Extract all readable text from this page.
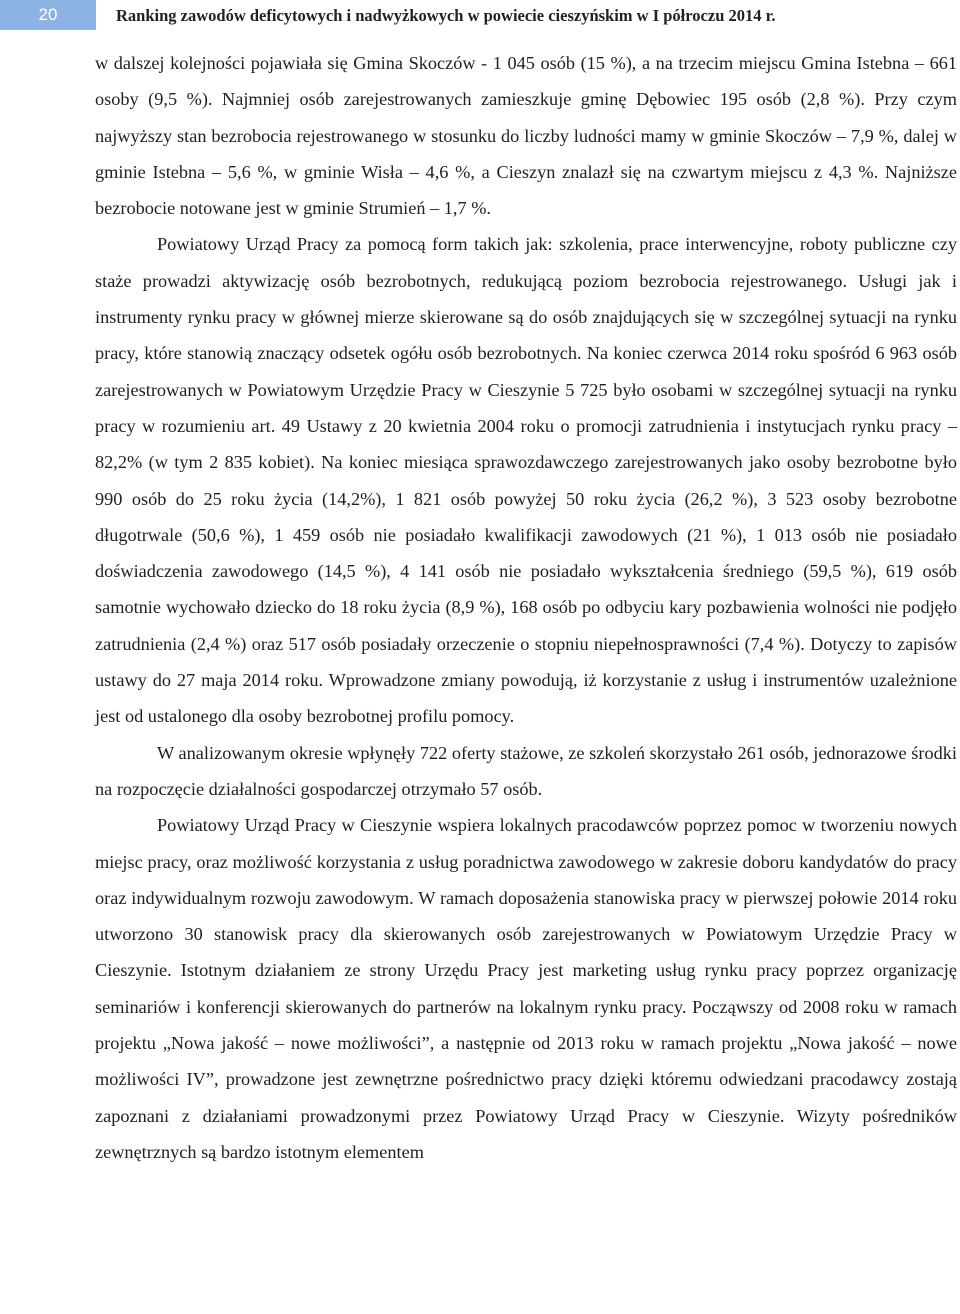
20	Ranking zawodów deficytowych i nadwyżkowych w powiecie cieszyńskim w I półroczu 2014 r.

w dalszej kolejności pojawiała się Gmina Skoczów - 1 045 osób (15 %), a na trzecim miejscu Gmina Istebna – 661 osoby (9,5 %). Najmniej osób zarejestrowanych zamieszkuje gminę Dębowiec 195 osób (2,8 %). Przy czym najwyższy stan bezrobocia rejestrowanego w stosunku do liczby ludności mamy w gminie Skoczów – 7,9 %, dalej w gminie Istebna – 5,6 %, w gminie Wisła – 4,6 %, a Cieszyn znalazł się na czwartym miejscu z 4,3 %. Najniższe bezrobocie notowane jest w gminie Strumień – 1,7 %.

Powiatowy Urząd Pracy za pomocą form takich jak: szkolenia, prace interwencyjne, roboty publiczne czy staże prowadzi aktywizację osób bezrobotnych, redukującą poziom bezrobocia rejestrowanego. Usługi jak i instrumenty rynku pracy w głównej mierze skierowane są do osób znajdujących się w szczególnej sytuacji na rynku pracy, które stanowią znaczący odsetek ogółu osób bezrobotnych. Na koniec czerwca 2014 roku spośród 6 963 osób zarejestrowanych w Powiatowym Urzędzie Pracy w Cieszynie 5 725 było osobami w szczególnej sytuacji na rynku pracy w rozumieniu art. 49 Ustawy z 20 kwietnia 2004 roku o promocji zatrudnienia i instytucjach rynku pracy – 82,2% (w tym 2 835 kobiet). Na koniec miesiąca sprawozdawczego zarejestrowanych jako osoby bezrobotne było 990 osób do 25 roku życia (14,2%), 1 821 osób powyżej 50 roku życia (26,2 %), 3 523 osoby bezrobotne długotrwale (50,6 %), 1 459 osób nie posiadało kwalifikacji zawodowych (21 %), 1 013 osób nie posiadało doświadczenia zawodowego (14,5 %), 4 141 osób nie posiadało wykształcenia średniego (59,5 %), 619 osób samotnie wychowało dziecko do 18 roku życia (8,9 %), 168 osób po odbyciu kary pozbawienia wolności nie podjęło zatrudnienia (2,4 %) oraz 517 osób posiadały orzeczenie o stopniu niepełnosprawności (7,4 %). Dotyczy to zapisów ustawy do 27 maja 2014 roku. Wprowadzone zmiany powodują, iż korzystanie z usług i instrumentów uzależnione jest od ustalonego dla osoby bezrobotnej profilu pomocy.

W analizowanym okresie wpłynęły 722 oferty stażowe, ze szkoleń skorzystało 261 osób, jednorazowe środki na rozpoczęcie działalności gospodarczej otrzymało 57 osób.

Powiatowy Urząd Pracy w Cieszynie wspiera lokalnych pracodawców poprzez pomoc w tworzeniu nowych miejsc pracy, oraz możliwość korzystania z usług poradnictwa zawodowego w zakresie doboru kandydatów do pracy oraz indywidualnym rozwoju zawodowym. W ramach doposażenia stanowiska pracy w pierwszej połowie 2014 roku utworzono 30 stanowisk pracy dla skierowanych osób zarejestrowanych w Powiatowym Urzędzie Pracy w Cieszynie. Istotnym działaniem ze strony Urzędu Pracy jest marketing usług rynku pracy poprzez organizację seminariów i konferencji skierowanych do partnerów na lokalnym rynku pracy. Począwszy od 2008 roku w ramach projektu „Nowa jakość – nowe możliwości”, a następnie od 2013 roku w ramach projektu „Nowa jakość – nowe możliwości IV”, prowadzone jest zewnętrzne pośrednictwo pracy dzięki któremu odwiedzani pracodawcy zostają zapoznani z działaniami prowadzonymi przez Powiatowy Urząd Pracy w Cieszynie. Wizyty pośredników zewnętrznych są bardzo istotnym elementem
